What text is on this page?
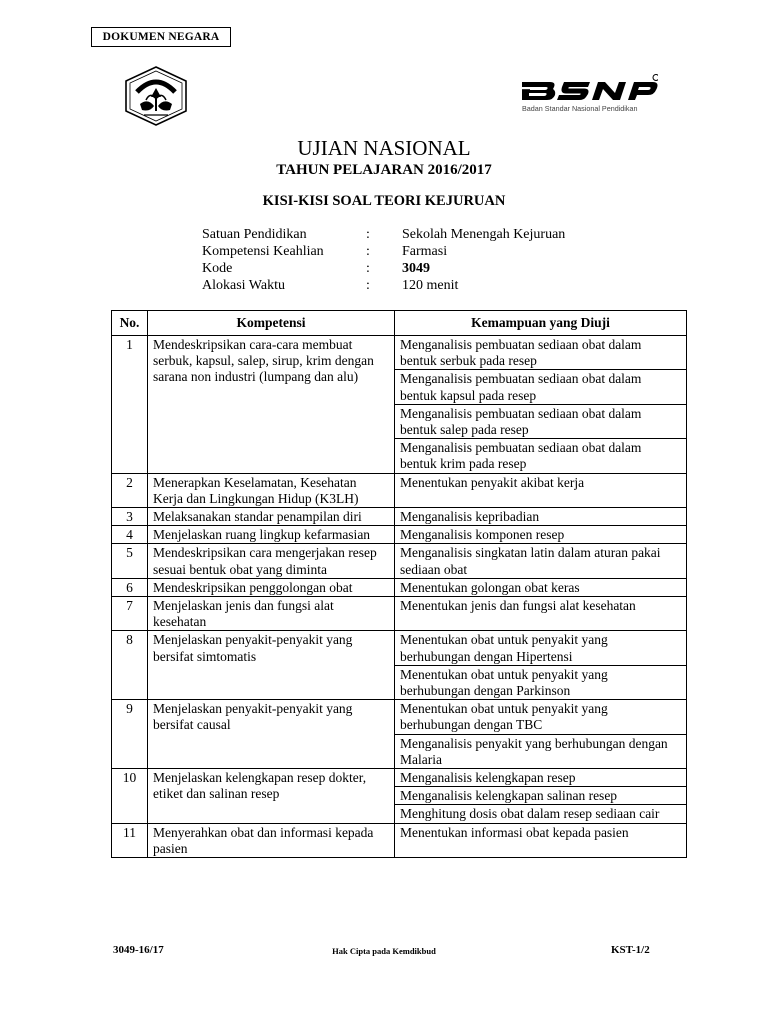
DOKUMEN NEGARA
Badan Standar Nasional Pendidikan
UJIAN NASIONAL
TAHUN PELAJARAN 2016/2017
KISI-KISI SOAL TEORI KEJURUAN
Satuan Pendidikan	: Sekolah Menengah Kejuruan
Kompetensi Keahlian	: Farmasi
Kode	: 3049
Alokasi Waktu	: 120 menit
No.	Kompetensi	Kemampuan yang Diuji
1	Mendeskripsikan cara-cara membuat serbuk, kapsul, salep, sirup, krim dengan sarana non industri (lumpang dan alu)	Menganalisis pembuatan sediaan obat dalam bentuk serbuk pada resep
		Menganalisis pembuatan sediaan obat dalam bentuk kapsul pada resep
		Menganalisis pembuatan sediaan obat dalam bentuk salep pada resep
		Menganalisis pembuatan sediaan obat dalam bentuk krim pada resep
2	Menerapkan Keselamatan, Kesehatan Kerja dan Lingkungan Hidup (K3LH)	Menentukan penyakit akibat kerja
3	Melaksanakan standar penampilan diri	Menganalisis kepribadian
4	Menjelaskan ruang lingkup kefarmasian	Menganalisis komponen resep
5	Mendeskripsikan cara mengerjakan resep sesuai bentuk obat yang diminta	Menganalisis singkatan latin dalam aturan pakai sediaan obat
6	Mendeskripsikan penggolongan obat	Menentukan golongan obat keras
7	Menjelaskan jenis dan fungsi alat kesehatan	Menentukan jenis dan fungsi alat kesehatan
8	Menjelaskan penyakit-penyakit yang bersifat simtomatis	Menentukan obat untuk penyakit yang berhubungan dengan Hipertensi
		Menentukan obat untuk penyakit yang berhubungan dengan Parkinson
9	Menjelaskan penyakit-penyakit yang bersifat causal	Menentukan obat untuk penyakit yang berhubungan dengan TBC
		Menganalisis penyakit yang berhubungan dengan Malaria
10	Menjelaskan kelengkapan resep dokter, etiket dan salinan resep	Menganalisis kelengkapan resep
		Menganalisis kelengkapan salinan resep
		Menghitung dosis obat dalam resep sediaan cair
11	Menyerahkan obat dan informasi kepada pasien	Menentukan informasi obat kepada pasien
3049-16/17	Hak Cipta pada Kemdikbud	KST-1/2
